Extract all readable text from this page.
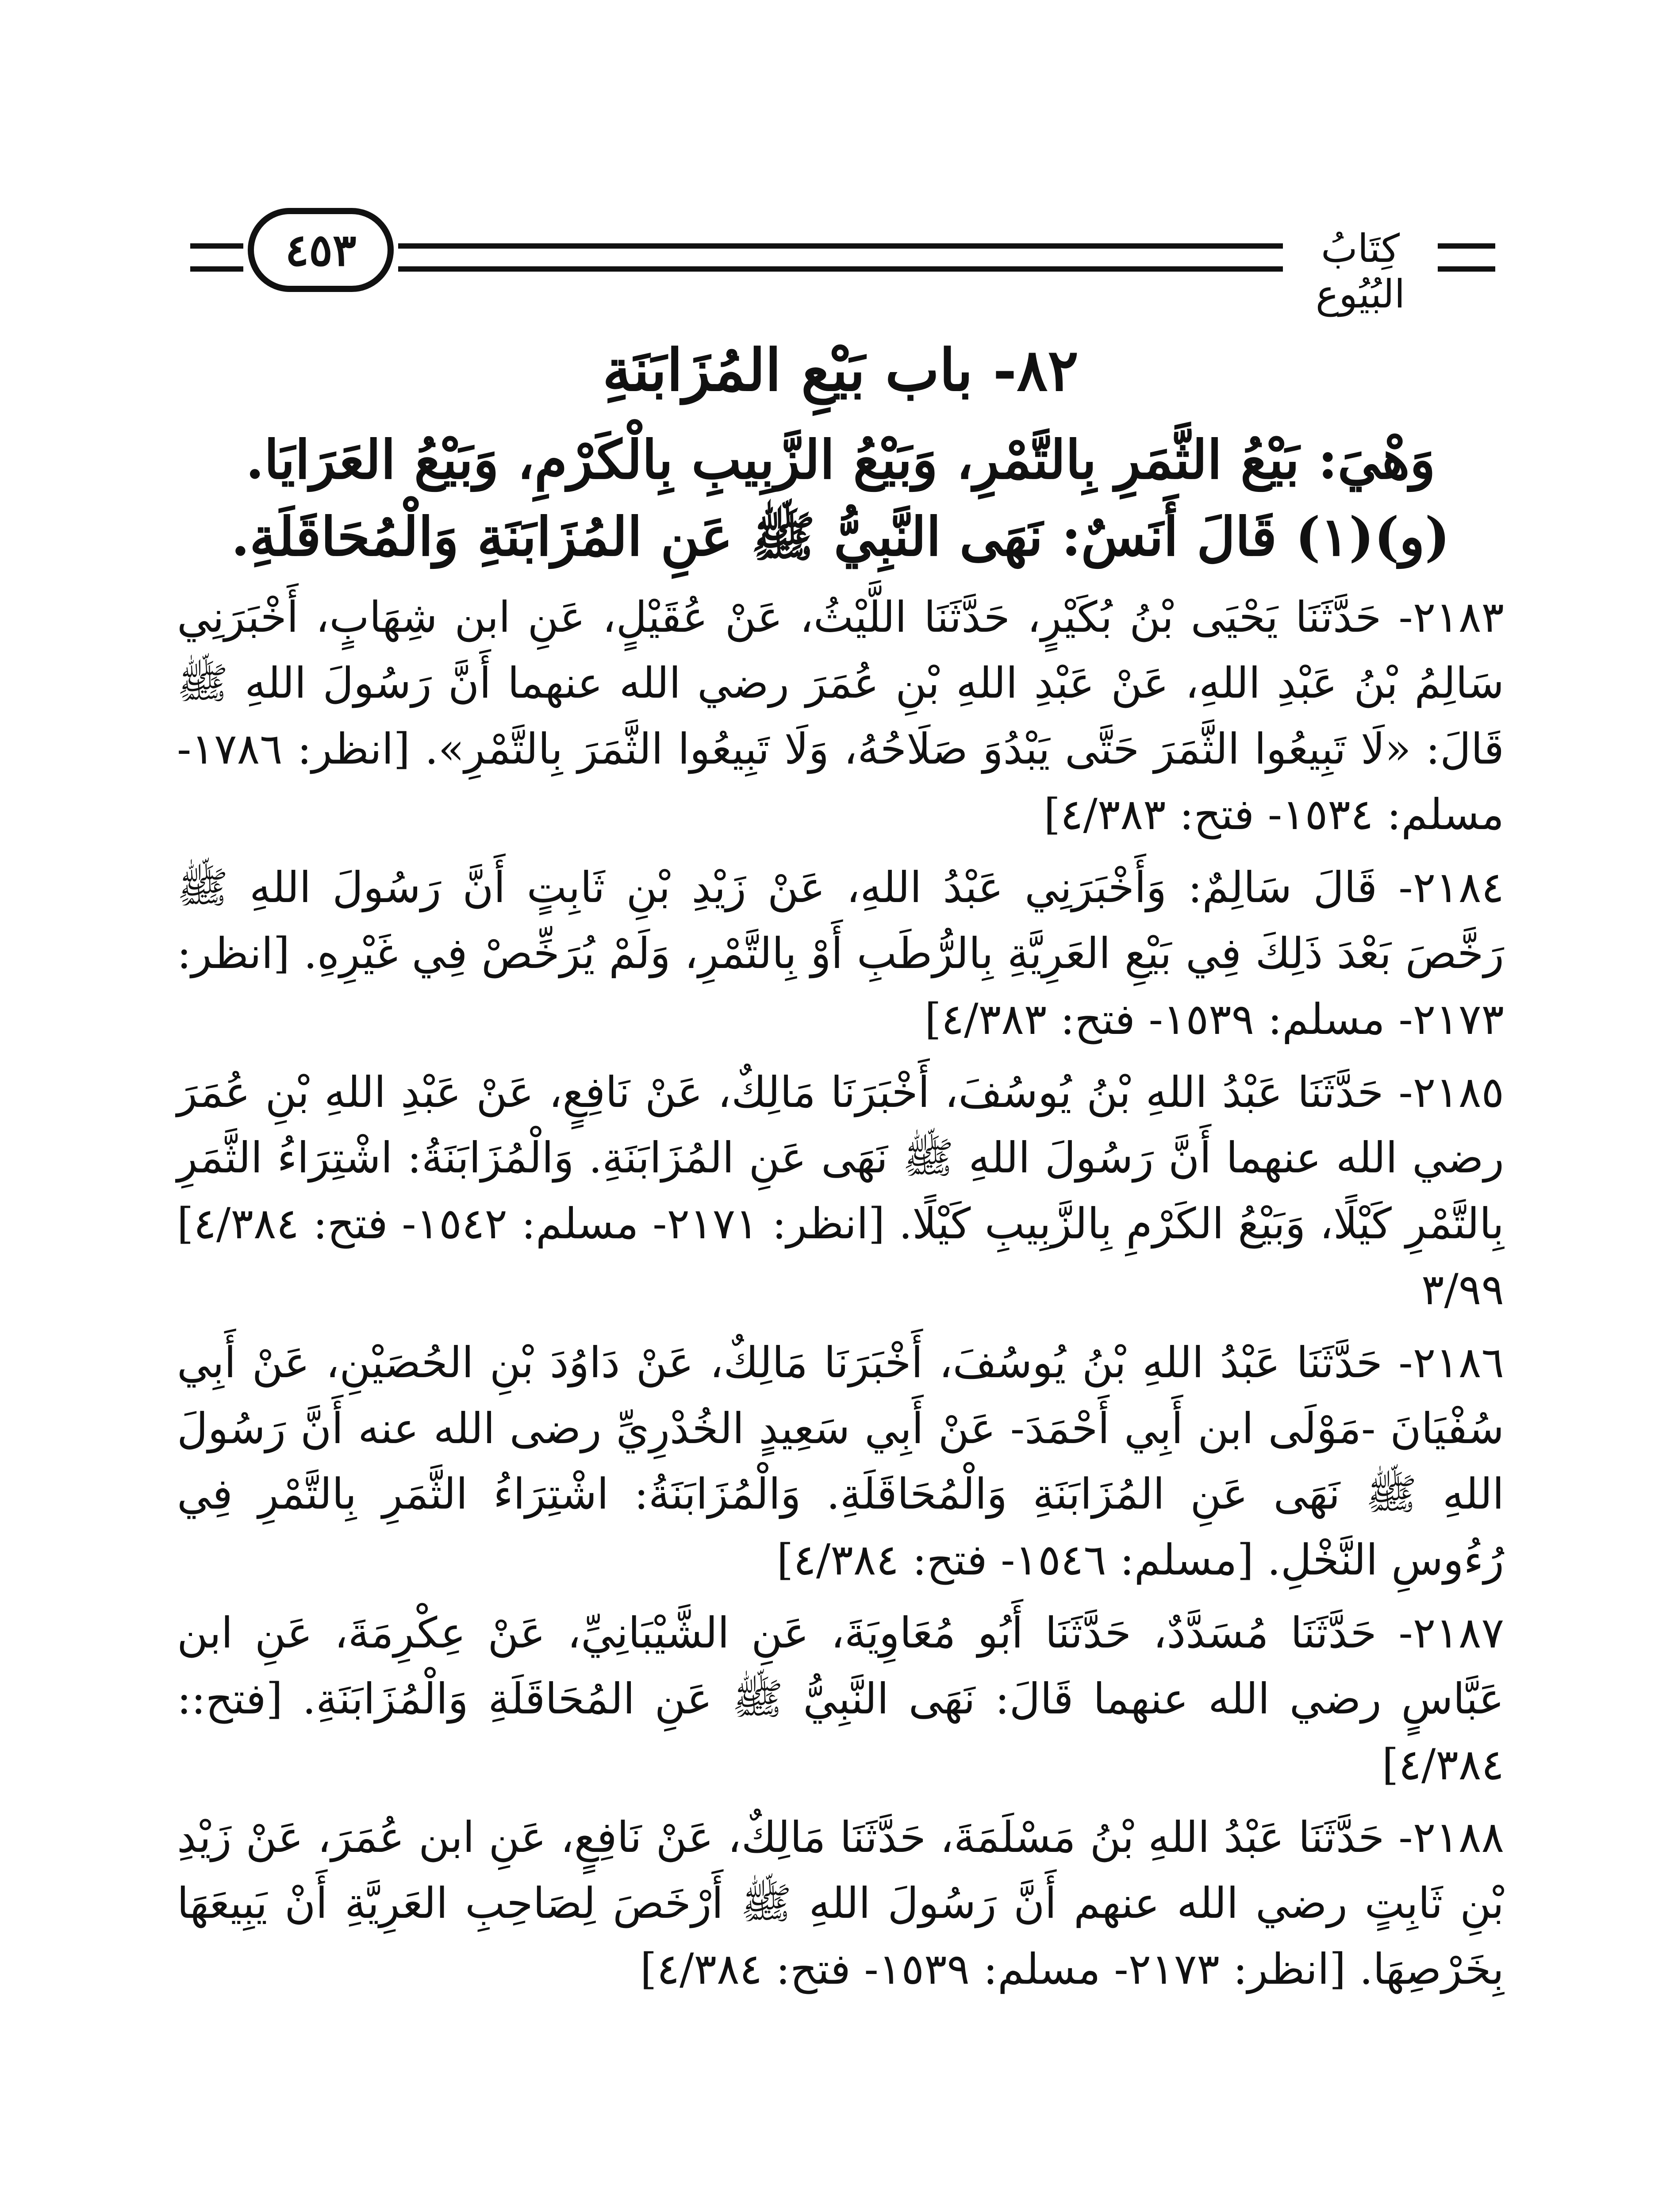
٤٥٣	كِتَابُ البُيُوع
٨٢- باب بَيْعِ المُزَابَنَةِ
وَهْيَ: بَيْعُ الثَّمَرِ بِالتَّمْرِ، وَبَيْعُ الزَّبِيبِ بِالْكَرْمِ، وَبَيْعُ العَرَايَا.
(و)(١) قَالَ أَنَسٌ: نَهَى النَّبِيُّ ﷺ عَنِ المُزَابَنَةِ وَالْمُحَاقَلَةِ.

٢١٨٣- حَدَّثَنَا يَحْيَى بْنُ بُكَيْرٍ، حَدَّثَنَا اللَّيْثُ، عَنْ عُقَيْلٍ، عَنِ ابن شِهَابٍ، أَخْبَرَنِي سَالِمُ بْنُ عَبْدِ اللهِ، عَنْ عَبْدِ اللهِ بْنِ عُمَرَ رضي الله عنهما أَنَّ رَسُولَ اللهِ ﷺ قَالَ: «لَا تَبِيعُوا الثَّمَرَ حَتَّى يَبْدُوَ صَلَاحُهُ، وَلَا تَبِيعُوا الثَّمَرَ بِالتَّمْرِ». [انظر: ١٧٨٦- مسلم: ١٥٣٤- فتح: ٤/٣٨٣]

٢١٨٤- قَالَ سَالِمٌ: وَأَخْبَرَنِي عَبْدُ اللهِ، عَنْ زَيْدِ بْنِ ثَابِتٍ أَنَّ رَسُولَ اللهِ ﷺ رَخَّصَ بَعْدَ ذَلِكَ فِي بَيْعِ العَرِيَّةِ بِالرُّطَبِ أَوْ بِالتَّمْرِ، وَلَمْ يُرَخِّصْ فِي غَيْرِهِ. [انظر: ٢١٧٣- مسلم: ١٥٣٩- فتح: ٤/٣٨٣]

٢١٨٥- حَدَّثَنَا عَبْدُ اللهِ بْنُ يُوسُفَ، أَخْبَرَنَا مَالِكٌ، عَنْ نَافِعٍ، عَنْ عَبْدِ اللهِ بْنِ عُمَرَ رضي الله عنهما أَنَّ رَسُولَ اللهِ ﷺ نَهَى عَنِ المُزَابَنَةِ. وَالْمُزَابَنَةُ: اشْتِرَاءُ الثَّمَرِ بِالتَّمْرِ كَيْلًا، وَبَيْعُ الكَرْمِ بِالزَّبِيبِ كَيْلًا. [انظر: ٢١٧١- مسلم: ١٥٤٢- فتح: ٤/٣٨٤] ٣/٩٩

٢١٨٦- حَدَّثَنَا عَبْدُ اللهِ بْنُ يُوسُفَ، أَخْبَرَنَا مَالِكٌ، عَنْ دَاوُدَ بْنِ الحُصَيْنِ، عَنْ أَبِي سُفْيَانَ -مَوْلَى ابن أَبِي أَحْمَدَ- عَنْ أَبِي سَعِيدٍ الخُدْرِيِّ رضى الله عنه أَنَّ رَسُولَ اللهِ ﷺ نَهَى عَنِ المُزَابَنَةِ وَالْمُحَاقَلَةِ. وَالْمُزَابَنَةُ: اشْتِرَاءُ الثَّمَرِ بِالتَّمْرِ فِي رُءُوسِ النَّخْلِ. [مسلم: ١٥٤٦- فتح: ٤/٣٨٤]

٢١٨٧- حَدَّثَنَا مُسَدَّدٌ، حَدَّثَنَا أَبُو مُعَاوِيَةَ، عَنِ الشَّيْبَانِيِّ، عَنْ عِكْرِمَةَ، عَنِ ابن عَبَّاسٍ رضي الله عنهما قَالَ: نَهَى النَّبِيُّ ﷺ عَنِ المُحَاقَلَةِ وَالْمُزَابَنَةِ. [فتح:: ٤/٣٨٤]

٢١٨٨- حَدَّثَنَا عَبْدُ اللهِ بْنُ مَسْلَمَةَ، حَدَّثَنَا مَالِكٌ، عَنْ نَافِعٍ، عَنِ ابن عُمَرَ، عَنْ زَيْدِ بْنِ ثَابِتٍ رضي الله عنهم أَنَّ رَسُولَ اللهِ ﷺ أَرْخَصَ لِصَاحِبِ العَرِيَّةِ أَنْ يَبِيعَهَا بِخَرْصِهَا. [انظر: ٢١٧٣- مسلم: ١٥٣٩- فتح: ٤/٣٨٤]
